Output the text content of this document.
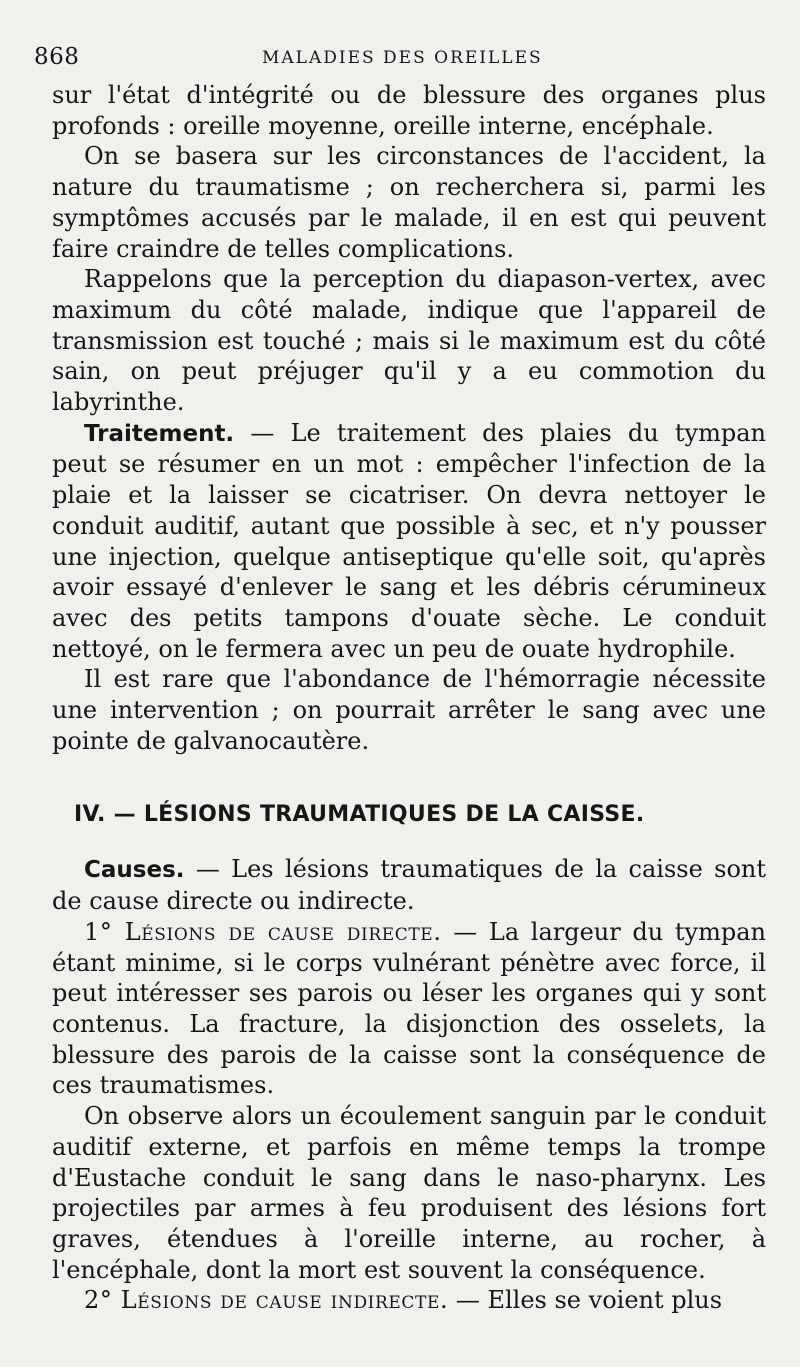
868	MALADIES DES OREILLES

sur l'état d'intégrité ou de blessure des organes plus profonds : oreille moyenne, oreille interne, encéphale.

On se basera sur les circonstances de l'accident, la nature du traumatisme ; on recherchera si, parmi les symptômes accusés par le malade, il en est qui peuvent faire craindre de telles complications.

Rappelons que la perception du diapason-vertex, avec maximum du côté malade, indique que l'appareil de transmission est touché ; mais si le maximum est du côté sain, on peut préjuger qu'il y a eu commotion du labyrinthe.

Traitement. — Le traitement des plaies du tympan peut se résumer en un mot : empêcher l'infection de la plaie et la laisser se cicatriser. On devra nettoyer le conduit auditif, autant que possible à sec, et n'y pousser une injection, quelque antiseptique qu'elle soit, qu'après avoir essayé d'enlever le sang et les débris cérumineux avec des petits tampons d'ouate sèche. Le conduit nettoyé, on le fermera avec un peu de ouate hydrophile.

Il est rare que l'abondance de l'hémorragie nécessite une intervention ; on pourrait arrêter le sang avec une pointe de galvanocautère.

IV. — LÉSIONS TRAUMATIQUES DE LA CAISSE.

Causes. — Les lésions traumatiques de la caisse sont de cause directe ou indirecte.

1° Lésions de cause directe. — La largeur du tympan étant minime, si le corps vulnérant pénètre avec force, il peut intéresser ses parois ou léser les organes qui y sont contenus. La fracture, la disjonction des osselets, la blessure des parois de la caisse sont la conséquence de ces traumatismes.

On observe alors un écoulement sanguin par le conduit auditif externe, et parfois en même temps la trompe d'Eustache conduit le sang dans le naso-pharynx. Les projectiles par armes à feu produisent des lésions fort graves, étendues à l'oreille interne, au rocher, à l'encéphale, dont la mort est souvent la conséquence.

2° Lésions de cause indirecte. — Elles se voient plus
